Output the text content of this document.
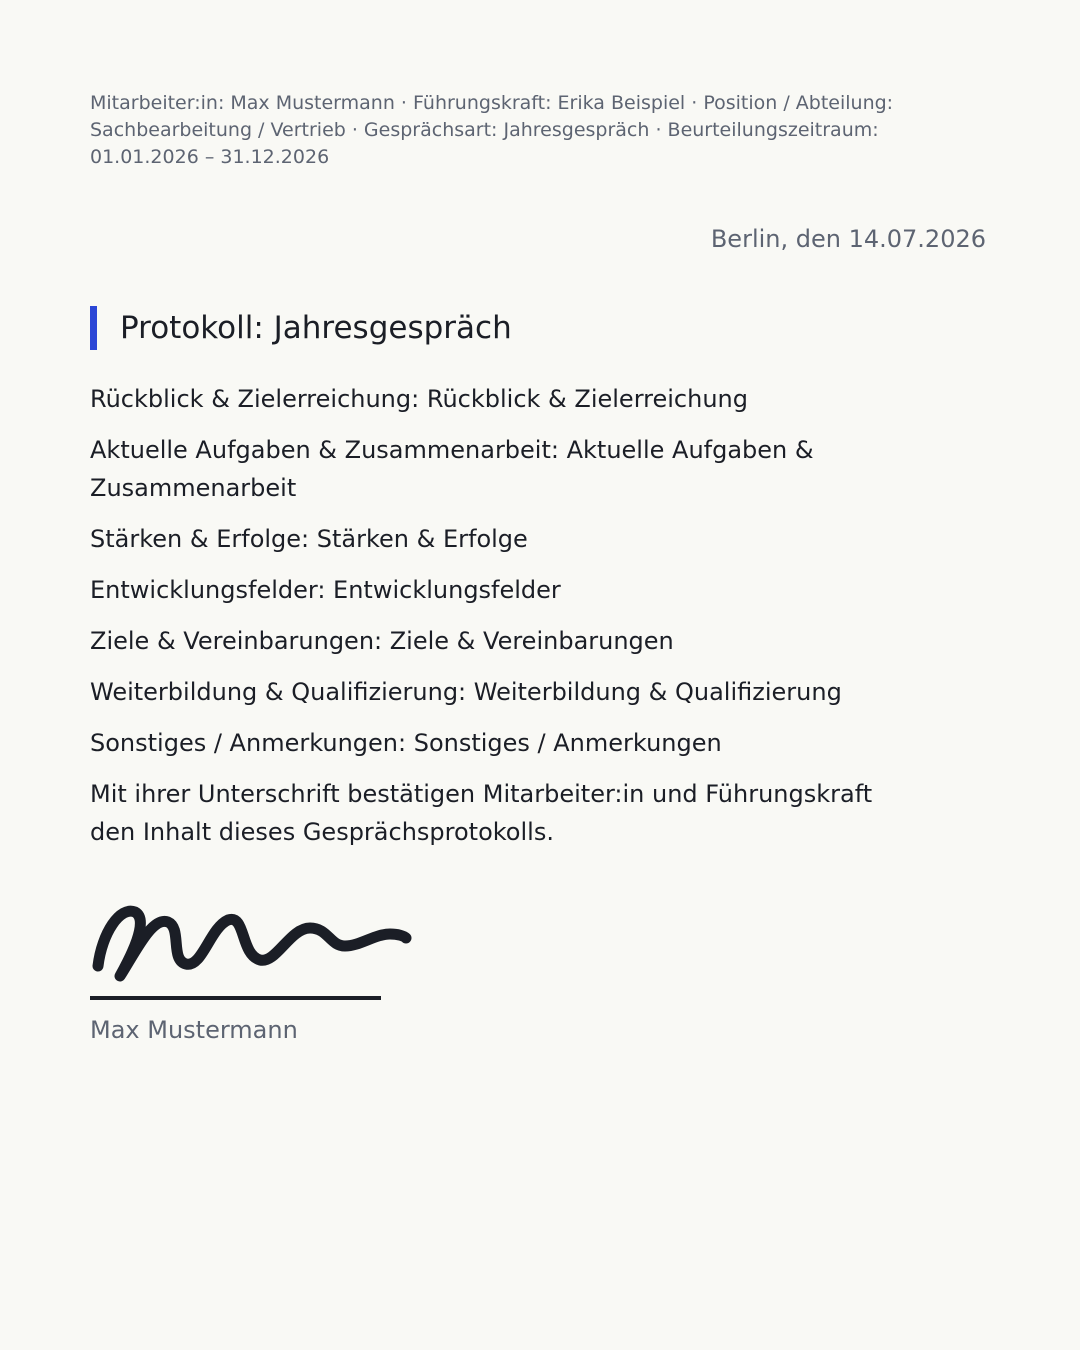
Mitarbeiter:in: Max Mustermann · Führungskraft: Erika Beispiel · Position / Abteilung: Sachbearbeitung / Vertrieb · Gesprächsart: Jahresgespräch · Beurteilungszeitraum: 01.01.2026 – 31.12.2026

Berlin, den 14.07.2026

Protokoll: Jahresgespräch
Rückblick & Zielerreichung: Rückblick & Zielerreichung
Aktuelle Aufgaben & Zusammenarbeit: Aktuelle Aufgaben & Zusammenarbeit
Stärken & Erfolge: Stärken & Erfolge
Entwicklungsfelder: Entwicklungsfelder
Ziele & Vereinbarungen: Ziele & Vereinbarungen
Weiterbildung & Qualifizierung: Weiterbildung & Qualifizierung
Sonstiges / Anmerkungen: Sonstiges / Anmerkungen

Mit ihrer Unterschrift bestätigen Mitarbeiter:in und Führungskraft den Inhalt dieses Gesprächsprotokolls.

Max Mustermann
